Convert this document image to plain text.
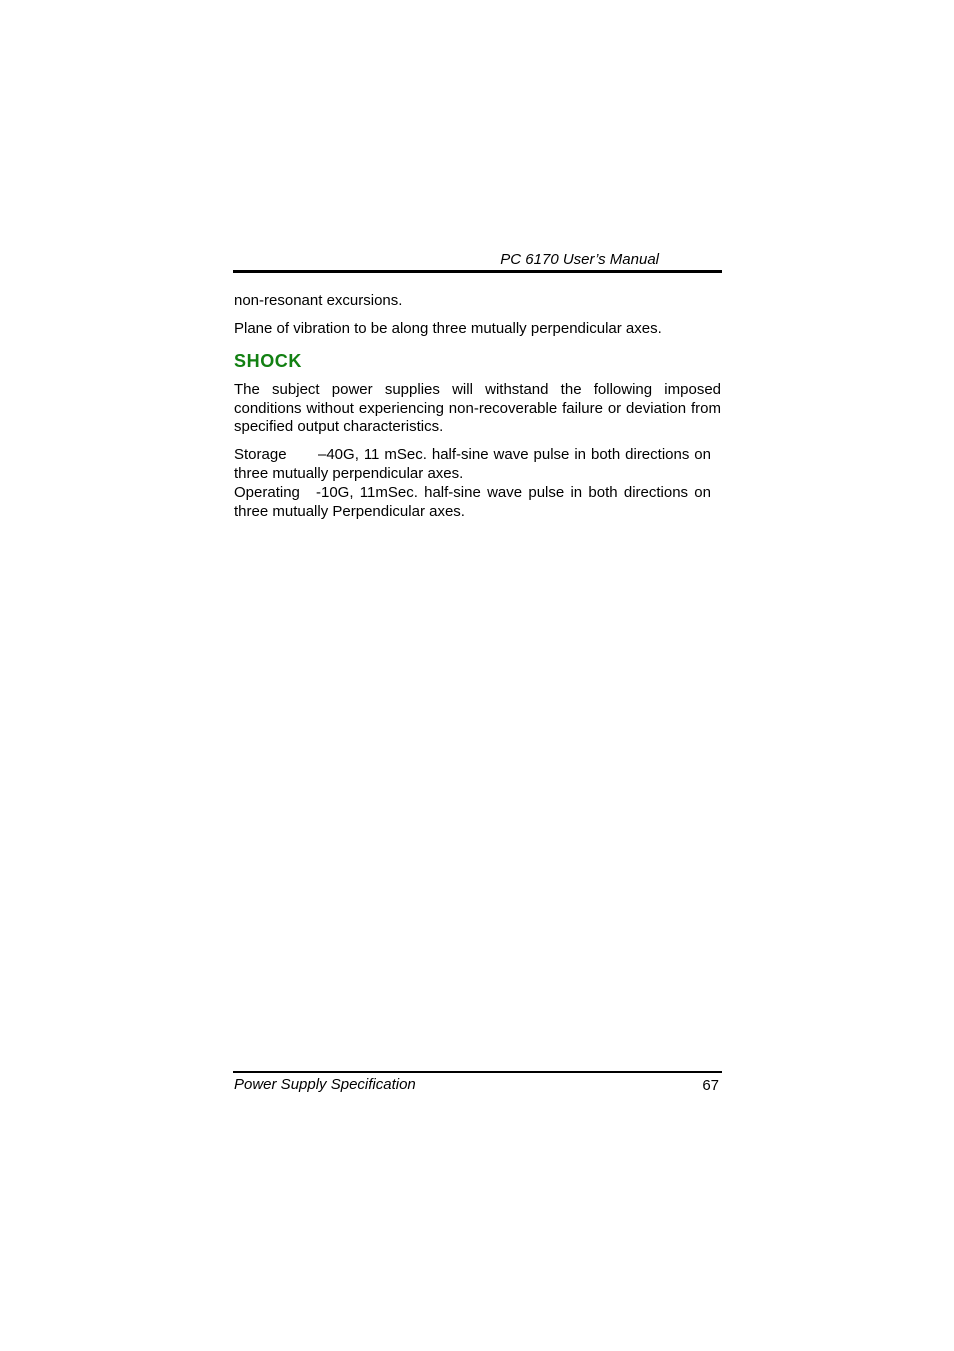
PC 6170 User’s Manual
non-resonant excursions.
Plane of vibration to be along three mutually perpendicular axes.
SHOCK
The subject power supplies will withstand the following imposed conditions without experiencing non-recoverable failure or deviation from specified output characteristics.
Storage –40G, 11 mSec. half-sine wave pulse in both directions on three mutually perpendicular axes.
Operating -10G, 11mSec. half-sine wave pulse in both directions on three mutually Perpendicular axes.
Power Supply Specification	67
